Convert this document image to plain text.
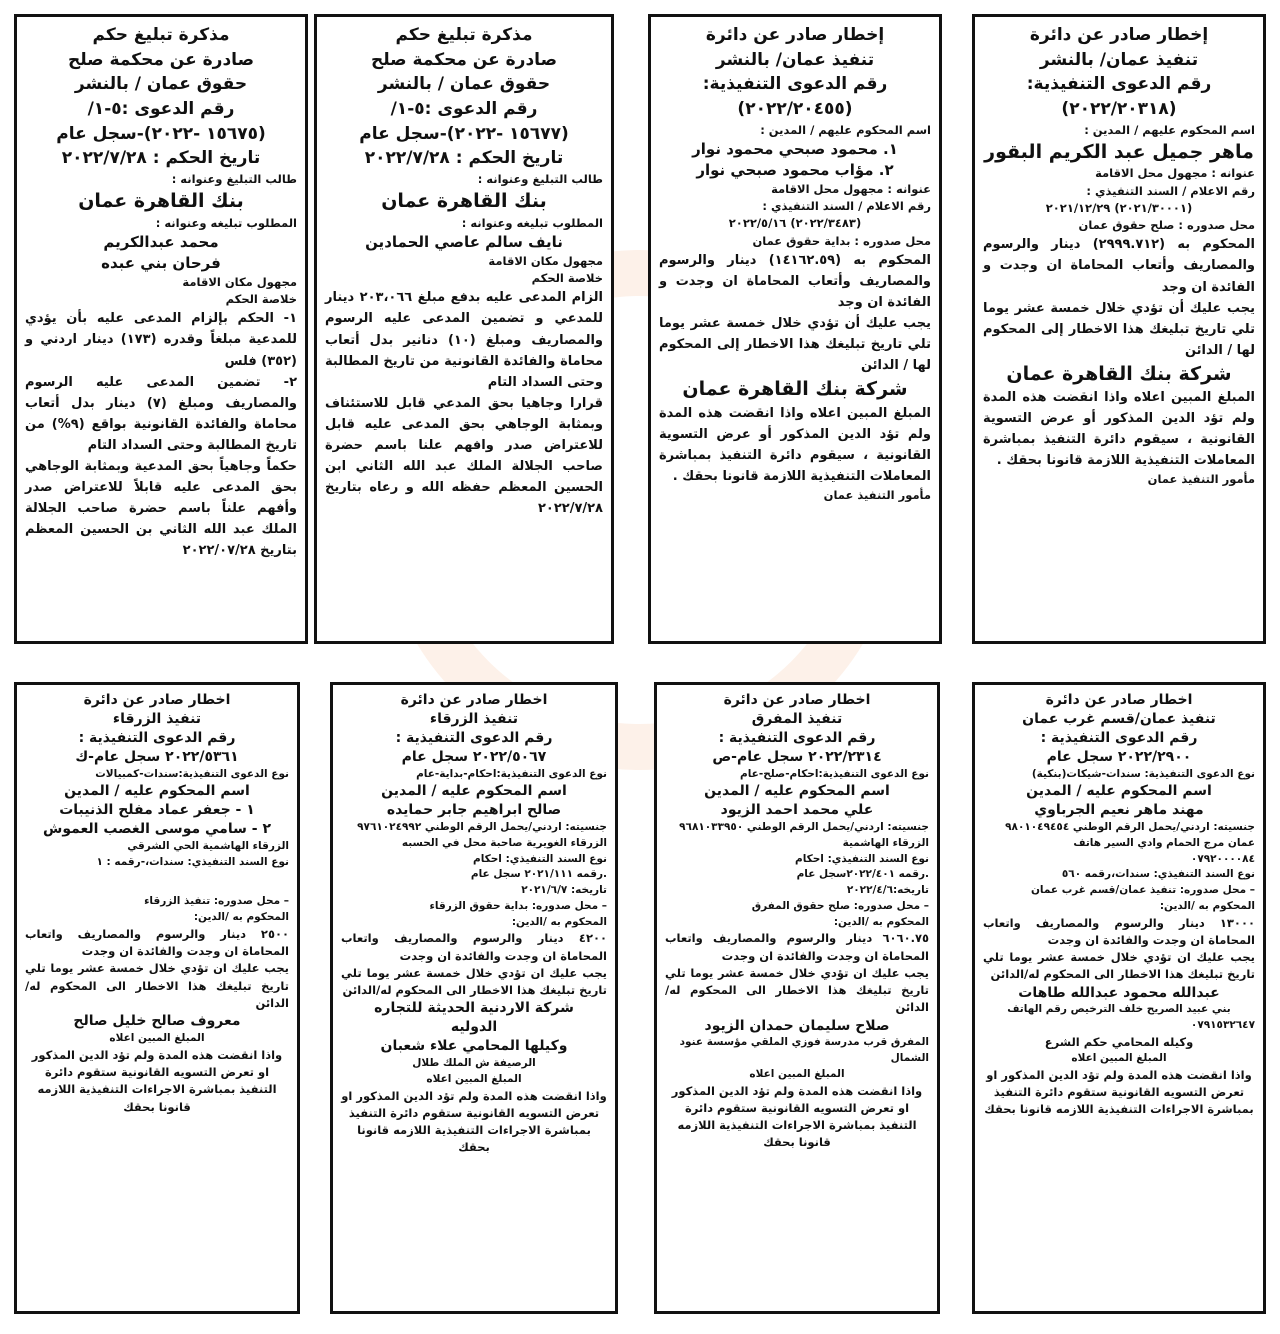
إخطار صادر عن دائرة
تنفيذ عمان/ بالنشر
رقم الدعوى التنفيذية:
(٢٠٢٢/٢٠٣١٨)
اسم المحكوم عليهم / المدين :
ماهر جميل عبد الكريم البقور
عنوانه : مجهول محل الاقامة
رقم الاعلام / السند التنفيذي :
(٢٠٢١/٣٠٠٠١) ٢٠٢١/١٢/٢٩
محل صدوره : صلح حقوق عمان
المحكوم به (٢٩٩٩.٧١٢) دينار والرسوم والمصاريف وأتعاب المحاماة ان وجدت و الفائدة ان وجد
يجب عليك أن تؤدي خلال خمسة عشر يوما تلي تاريخ تبليغك هذا الاخطار إلى المحكوم لها / الدائن
شركة بنك القاهرة عمان
المبلغ المبين اعلاه واذا انقضت هذه المدة ولم تؤد الدين المذكور أو عرض التسوية القانونية ، سيقوم دائرة التنفيذ بمباشرة المعاملات التنفيذية اللازمة قانونا بحقك .
مأمور التنفيذ عمان
إخطار صادر عن دائرة
تنفيذ عمان/ بالنشر
رقم الدعوى التنفيذية:
(٢٠٢٢/٢٠٤٥٥)
اسم المحكوم عليهم / المدين :
١. محمود صبحي محمود نوار
٢. مؤاب محمود صبحي نوار
عنوانه : مجهول محل الاقامة
رقم الاعلام / السند التنفيذي :
(٢٠٢٢/٣٤٨٣) ٢٠٢٢/٥/١٦
محل صدوره : بداية حقوق عمان
المحكوم به (١٤١٦٢.٥٩) دينار والرسوم والمصاريف وأتعاب المحاماة ان وجدت و الفائدة ان وجد
يجب عليك أن تؤدي خلال خمسة عشر يوما تلي تاريخ تبليغك هذا الاخطار إلى المحكوم لها / الدائن
شركة بنك القاهرة عمان
المبلغ المبين اعلاه واذا انقضت هذه المدة ولم تؤد الدين المذكور أو عرض التسوية القانونية ، سيقوم دائرة التنفيذ بمباشرة المعاملات التنفيذية اللازمة قانونا بحقك .
مأمور التنفيذ عمان
مذكرة تبليغ حكم
صادرة عن محكمة صلح
حقوق عمان / بالنشر
رقم الدعوى :٥-١/
(١٥٦٧٧ -٢٠٢٢)-سجل عام
تاريخ الحكم : ٢٠٢٢/٧/٢٨
طالب التبليغ وعنوانه :
بنك القاهرة عمان
المطلوب تبليغه وعنوانه :
نايف سالم عاصي الحمادين
مجهول مكان الاقامة
خلاصة الحكم
الزام المدعى عليه بدفع مبلغ ٢٠٣،٠٦٦ دينار للمدعي و تضمين المدعى عليه الرسوم والمصاريف ومبلغ (١٠) دنانير بدل أتعاب محاماة والفائدة القانونية من تاريخ المطالبة وحتى السداد التام
قرارا وجاهيا بحق المدعي قابل للاستئناف وبمثابة الوجاهي بحق المدعى عليه قابل للاعتراض صدر وافهم علنا باسم حضرة صاحب الجلالة الملك عبد الله الثاني ابن الحسين المعظم حفظه الله و رعاه بتاريخ ٢٠٢٢/٧/٢٨
مذكرة تبليغ حكم
صادرة عن محكمة صلح
حقوق عمان / بالنشر
رقم الدعوى :٥-١/
(١٥٦٧٥ -٢٠٢٢)-سجل عام
تاريخ الحكم : ٢٠٢٢/٧/٢٨
طالب التبليغ وعنوانه :
بنك القاهرة عمان
المطلوب تبليغه وعنوانه :
محمد عبدالكريم
فرحان بني عبده
مجهول مكان الاقامة
خلاصة الحكم
١- الحكم بإلزام المدعى عليه بأن يؤدي للمدعية مبلغاً وقدره (١٧٣) دينار اردني و (٣٥٢) فلس
٢- تضمين المدعى عليه الرسوم والمصاريف ومبلغ (٧) دينار بدل أتعاب محاماة والفائدة القانونية بواقع (٩%) من تاريخ المطالبة وحتى السداد التام
حكماً وجاهياً بحق المدعية وبمثابة الوجاهي بحق المدعى عليه قابلاً للاعتراض صدر وأفهم علناً باسم حضرة صاحب الجلالة الملك عبد الله الثاني بن الحسين المعظم بتاريخ ٢٠٢٢/٠٧/٢٨
اخطار صادر عن دائرة
تنفيذ عمان/قسم غرب عمان
رقم الدعوى التنفيذية :
٢٠٢٢/٢٩٠٠ سجل عام
نوع الدعوى التنفيذية: سندات-شيكات(بنكية)
اسم المحكوم عليه / المدين
مهند ماهر نعيم الجرباوي
جنسيته: اردني/يحمل الرقم الوطني ٩٨٠١٠٤٩٤٥٤
عمان مرج الحمام وادي السير هاتف
٠٧٩٢٠٠٠٠٨٤
نوع السند التنفيذي: سندات،رقمه ٥٦٠
– محل صدوره: تنفيذ عمان/قسم غرب عمان
المحكوم به /الدين:
١٣٠٠٠ دينار والرسوم والمصاريف واتعاب المحاماة ان وجدت والفائدة ان وجدت
يجب عليك ان تؤدي خلال خمسة عشر يوما تلي تاريخ تبليغك هذا الاخطار الى المحكوم له/الدائن
عبدالله محمود عبدالله طاهات
بني عبيد الصريح خلف الترخيص رقم الهاتف
٠٧٩١٥٣٢٦٤٧
وكيله المحامي حكم الشرع
المبلغ المبين اعلاه
واذا انقضت هذه المدة ولم تؤد الدين المذكور او تعرض التسويه القانونية ستقوم دائرة التنفيذ بمباشرة الاجراءات التنفيذية اللازمه قانونا بحقك
اخطار صادر عن دائرة
تنفيذ المفرق
رقم الدعوى التنفيذية :
٢٠٢٢/٢٣١٤ سجل عام-ص
نوع الدعوى التنفيذية:احكام-صلح-عام
اسم المحكوم عليه / المدين
علي محمد احمد الزيود
جنسيته: اردني/يحمل الرقم الوطني ٩٦٨١٠٣٣٩٥٠
الزرقاء الهاشمية
نوع السند التنفيذي: احكام
.رقمه ٢٠٢٢/٤٠١سجل عام
تاريخه:٢٠٢٢/٤/٦
– محل صدوره: صلح حقوق المفرق
المحكوم به /الدين:
٦٠٦٠.٧٥ دينار والرسوم والمصاريف واتعاب المحاماة ان وجدت والفائدة ان وجدت
يجب عليك ان تؤدي خلال خمسة عشر يوما تلي تاريخ تبليغك هذا الاخطار الى المحكوم له/الدائن
صلاح سليمان حمدان الزيود
المفرق قرب مدرسة فوزي الملقي مؤسسة عنود الشمال
المبلغ المبين اعلاه
واذا انقضت هذه المدة ولم تؤد الدين المذكور او تعرض التسويه القانونية ستقوم دائرة التنفيذ بمباشرة الاجراءات التنفيذية اللازمه قانونا بحقك
اخطار صادر عن دائرة
تنفيذ الزرقاء
رقم الدعوى التنفيذية :
٢٠٢٢/٥٠٦٧ سجل عام
نوع الدعوى التنفيذية:احكام-بداية-عام
اسم المحكوم عليه / المدين
صالح ابراهيم جابر حمايده
جنسيته: اردني/يحمل الرقم الوطني ٩٧٦١٠٢٤٩٩٢
الزرقاء الغويرية صاحبة محل في الحسبه
نوع السند التنفيذي: احكام
.رقمه ٢٠٢١/١١١ سجل عام
تاريخه: ٢٠٢١/٦/٧
– محل صدوره: بداية حقوق الزرقاء
المحكوم به /الدين:
٤٢٠٠ دينار والرسوم والمصاريف واتعاب المحاماة ان وجدت والفائدة ان وجدت
يجب عليك ان تؤدي خلال خمسة عشر يوما تلي تاريخ تبليغك هذا الاخطار الى المحكوم له/الدائن
شركة الاردنية الحديثة للتجاره
الدوليه
وكيلها المحامي علاء شعبان
الرصيفة ش الملك طلال
المبلغ المبين اعلاه
واذا انقضت هذه المدة ولم تؤد الدين المذكور او تعرض التسويه القانونية ستقوم دائرة التنفيذ بمباشرة الاجراءات التنفيذية اللازمه قانونا بحقك
اخطار صادر عن دائرة
تنفيذ الزرقاء
رقم الدعوى التنفيذية :
٢٠٢٢/٥٣٦١ سجل عام-ك
نوع الدعوى التنفيذية:سندات-كمبيالات
اسم المحكوم عليه / المدين
١ - جعفر عماد مفلح الذنيبات
٢ - سامي موسى الغصب العموش
الزرقاء الهاشمية الحي الشرقي
نوع السند التنفيذي: سندات،-رقمه : ١
– محل صدوره: تنفيذ الزرقاء
المحكوم به /الدين:
٢٥٠٠ دينار والرسوم والمصاريف واتعاب المحاماة ان وجدت والفائدة ان وجدت
يجب عليك ان تؤدي خلال خمسة عشر يوما تلي تاريخ تبليغك هذا الاخطار الى المحكوم له/الدائن
معروف صالح خليل صالح
المبلغ المبين اعلاه
واذا انقضت هذه المدة ولم تؤد الدين المذكور او تعرض التسويه القانونية ستقوم دائرة التنفيذ بمباشرة الاجراءات التنفيذية اللازمه قانونا بحقك
